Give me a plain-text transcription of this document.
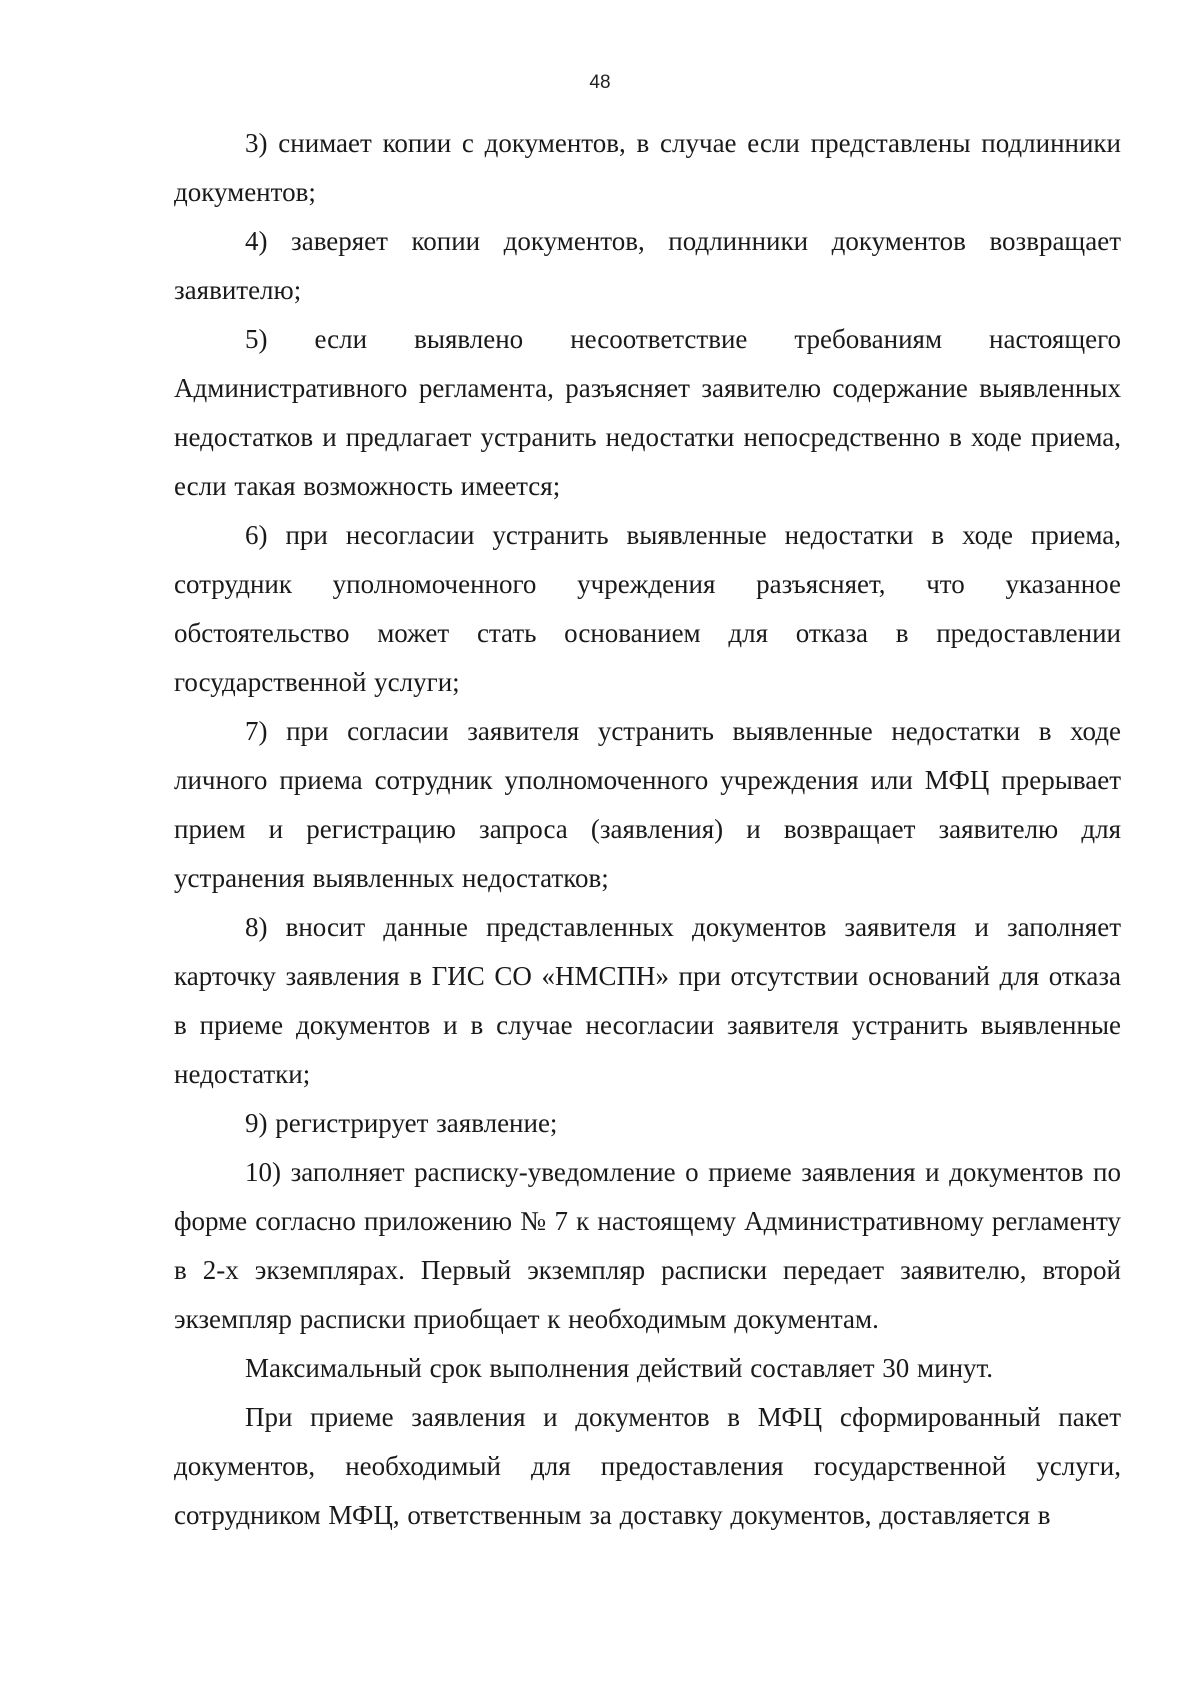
48

3) снимает копии с документов, в случае если представлены подлинники документов;

4) заверяет копии документов, подлинники документов возвращает заявителю;

5) если выявлено несоответствие требованиям настоящего Административного регламента, разъясняет заявителю содержание выявленных недостатков и предлагает устранить недостатки непосредственно в ходе приема, если такая возможность имеется;

6) при несогласии устранить выявленные недостатки в ходе приема, сотрудник уполномоченного учреждения разъясняет, что указанное обстоятельство может стать основанием для отказа в предоставлении государственной услуги;

7) при согласии заявителя устранить выявленные недостатки в ходе личного приема сотрудник уполномоченного учреждения или МФЦ прерывает прием и регистрацию запроса (заявления) и возвращает заявителю для устранения выявленных недостатков;

8) вносит данные представленных документов заявителя и заполняет карточку заявления в ГИС СО «НМСПН» при отсутствии оснований для отказа в приеме документов и в случае несогласии заявителя устранить выявленные недостатки;

9) регистрирует заявление;

10) заполняет расписку-уведомление о приеме заявления и документов по форме согласно приложению № 7 к настоящему Административному регламенту в 2-х экземплярах. Первый экземпляр расписки передает заявителю, второй экземпляр расписки приобщает к необходимым документам.

Максимальный срок выполнения действий составляет 30 минут.

При приеме заявления и документов в МФЦ сформированный пакет документов, необходимый для предоставления государственной услуги, сотрудником МФЦ, ответственным за доставку документов, доставляется в
